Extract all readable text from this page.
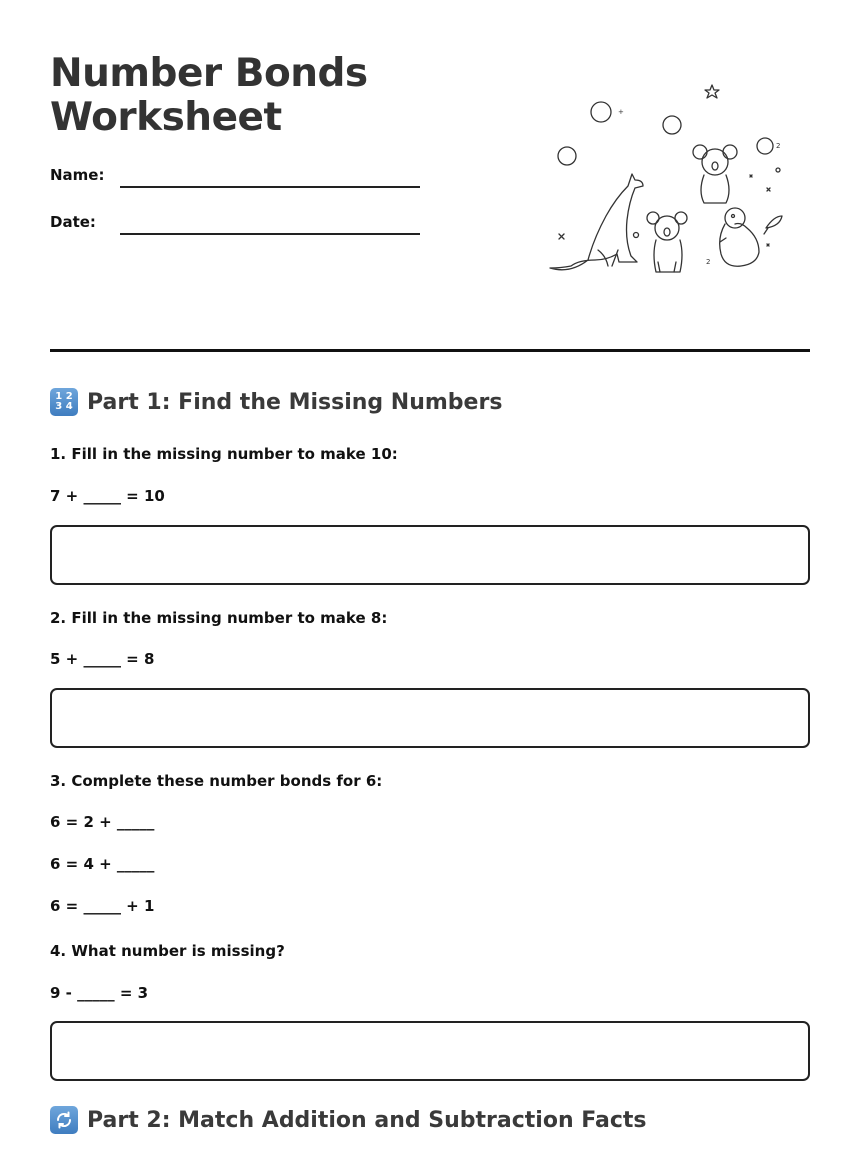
Number Bonds
Worksheet
Name:
Date:
+
2
2
1 2
3 4 Part 1: Find the Missing Numbers
1. Fill in the missing number to make 10:
7 + _____ = 10
2. Fill in the missing number to make 8:
5 + _____ = 8
3. Complete these number bonds for 6:
6 = 2 + _____
6 = 4 + _____
6 = _____ + 1
4. What number is missing?
9 - _____ = 3
Part 2: Match Addition and Subtraction Facts
